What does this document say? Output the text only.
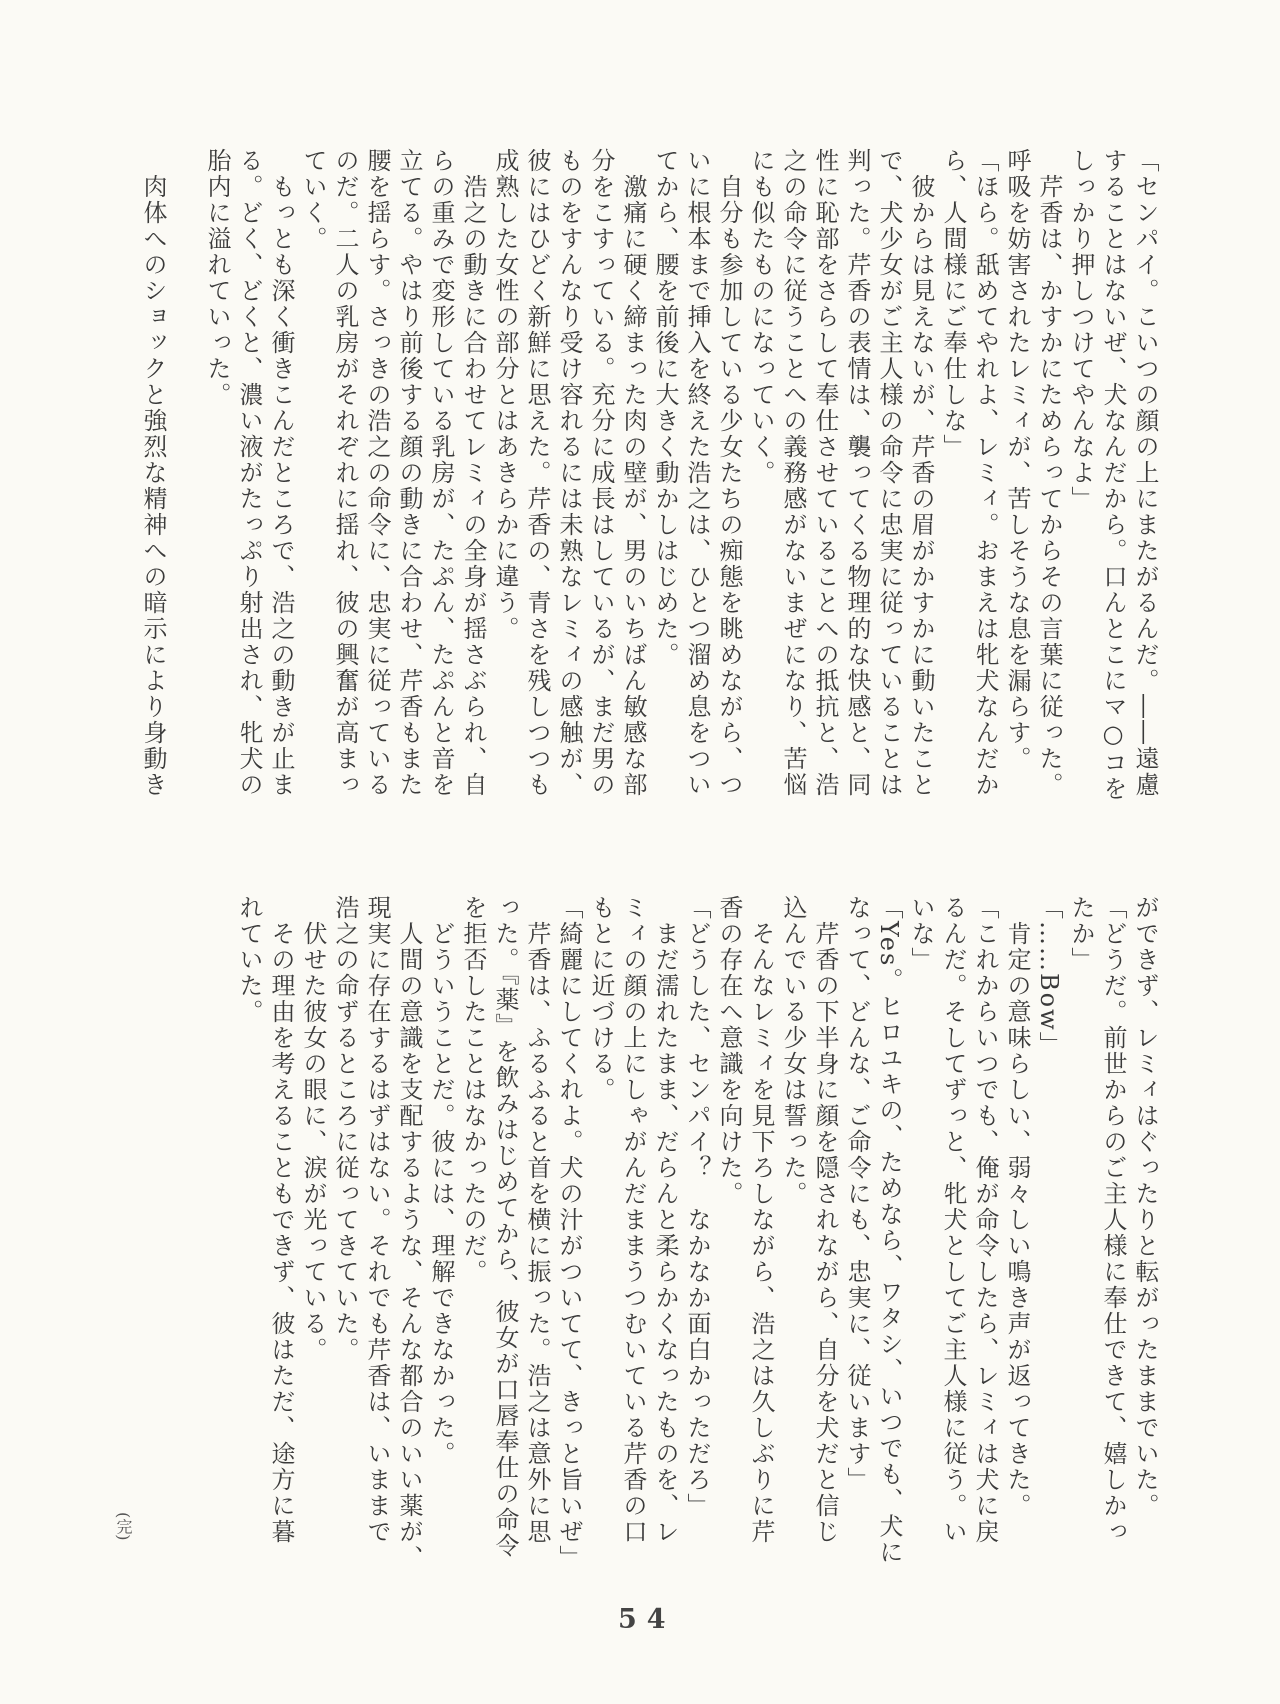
「センパイ。こいつの顔の上にまたがるんだ。――遠慮
することはないぜ、犬なんだから。口んとこにマ○コを
しっかり押しつけてやんなよ」
　芹香は、かすかにためらってからその言葉に従った。
呼吸を妨害されたレミィが、苦しそうな息を漏らす。
「ほら。舐めてやれよ、レミィ。おまえは牝犬なんだか
ら、人間様にご奉仕しな」
　彼からは見えないが、芹香の眉がかすかに動いたこと
で、犬少女がご主人様の命令に忠実に従っていることは
判った。芹香の表情は、襲ってくる物理的な快感と、同
性に恥部をさらして奉仕させていることへの抵抗と、浩
之の命令に従うことへの義務感がないまぜになり、苦悩
にも似たものになっていく。
　自分も参加している少女たちの痴態を眺めながら、つ
いに根本まで挿入を終えた浩之は、ひとつ溜め息をつい
てから、腰を前後に大きく動かしはじめた。
　激痛に硬く締まった肉の壁が、男のいちばん敏感な部
分をこすっている。充分に成長はしているが、まだ男の
ものをすんなり受け容れるには未熟なレミィの感触が、
彼にはひどく新鮮に思えた。芹香の、青さを残しつつも
成熟した女性の部分とはあきらかに違う。
　浩之の動きに合わせてレミィの全身が揺さぶられ、自
らの重みで変形している乳房が、たぷん、たぷんと音を
立てる。やはり前後する顔の動きに合わせ、芹香もまた
腰を揺らす。さっきの浩之の命令に、忠実に従っている
のだ。二人の乳房がそれぞれに揺れ、彼の興奮が高まっ
ていく。
　もっとも深く衝きこんだところで、浩之の動きが止ま
る。どく、どくと、濃い液がたっぷり射出され、牝犬の
胎内に溢れていった。

　肉体へのショックと強烈な精神への暗示により身動き
ができず、レミィはぐったりと転がったままでいた。
「どうだ。前世からのご主人様に奉仕できて、嬉しかっ
たか」
「……Bow」
　肯定の意味らしい、弱々しい鳴き声が返ってきた。
「これからいつでも、俺が命令したら、レミィは犬に戻
るんだ。そしてずっと、牝犬としてご主人様に従う。い
いな」
「Yes。ヒロユキの、ためなら、ワタシ、いつでも、犬に
なって、どんな、ご命令にも、忠実に、従います」
　芹香の下半身に顔を隠されながら、自分を犬だと信じ
込んでいる少女は誓った。
　そんなレミィを見下ろしながら、浩之は久しぶりに芹
香の存在へ意識を向けた。
「どうした、センパイ？　なかなか面白かっただろ」
　まだ濡れたまま、だらんと柔らかくなったものを、レ
ミィの顔の上にしゃがんだままうつむいている芹香の口
もとに近づける。
「綺麗にしてくれよ。犬の汁がついてて、きっと旨いぜ」
　芹香は、ふるふると首を横に振った。浩之は意外に思
った。『薬』を飲みはじめてから、彼女が口唇奉仕の命令
を拒否したことはなかったのだ。
　どういうことだ。彼には、理解できなかった。
　人間の意識を支配するような、そんな都合のいい薬が、
現実に存在するはずはない。それでも芹香は、いままで
浩之の命ずるところに従ってきていた。
　伏せた彼女の眼に、涙が光っている。
　その理由を考えることもできず、彼はただ、途方に暮
れていた。
(完)
54
